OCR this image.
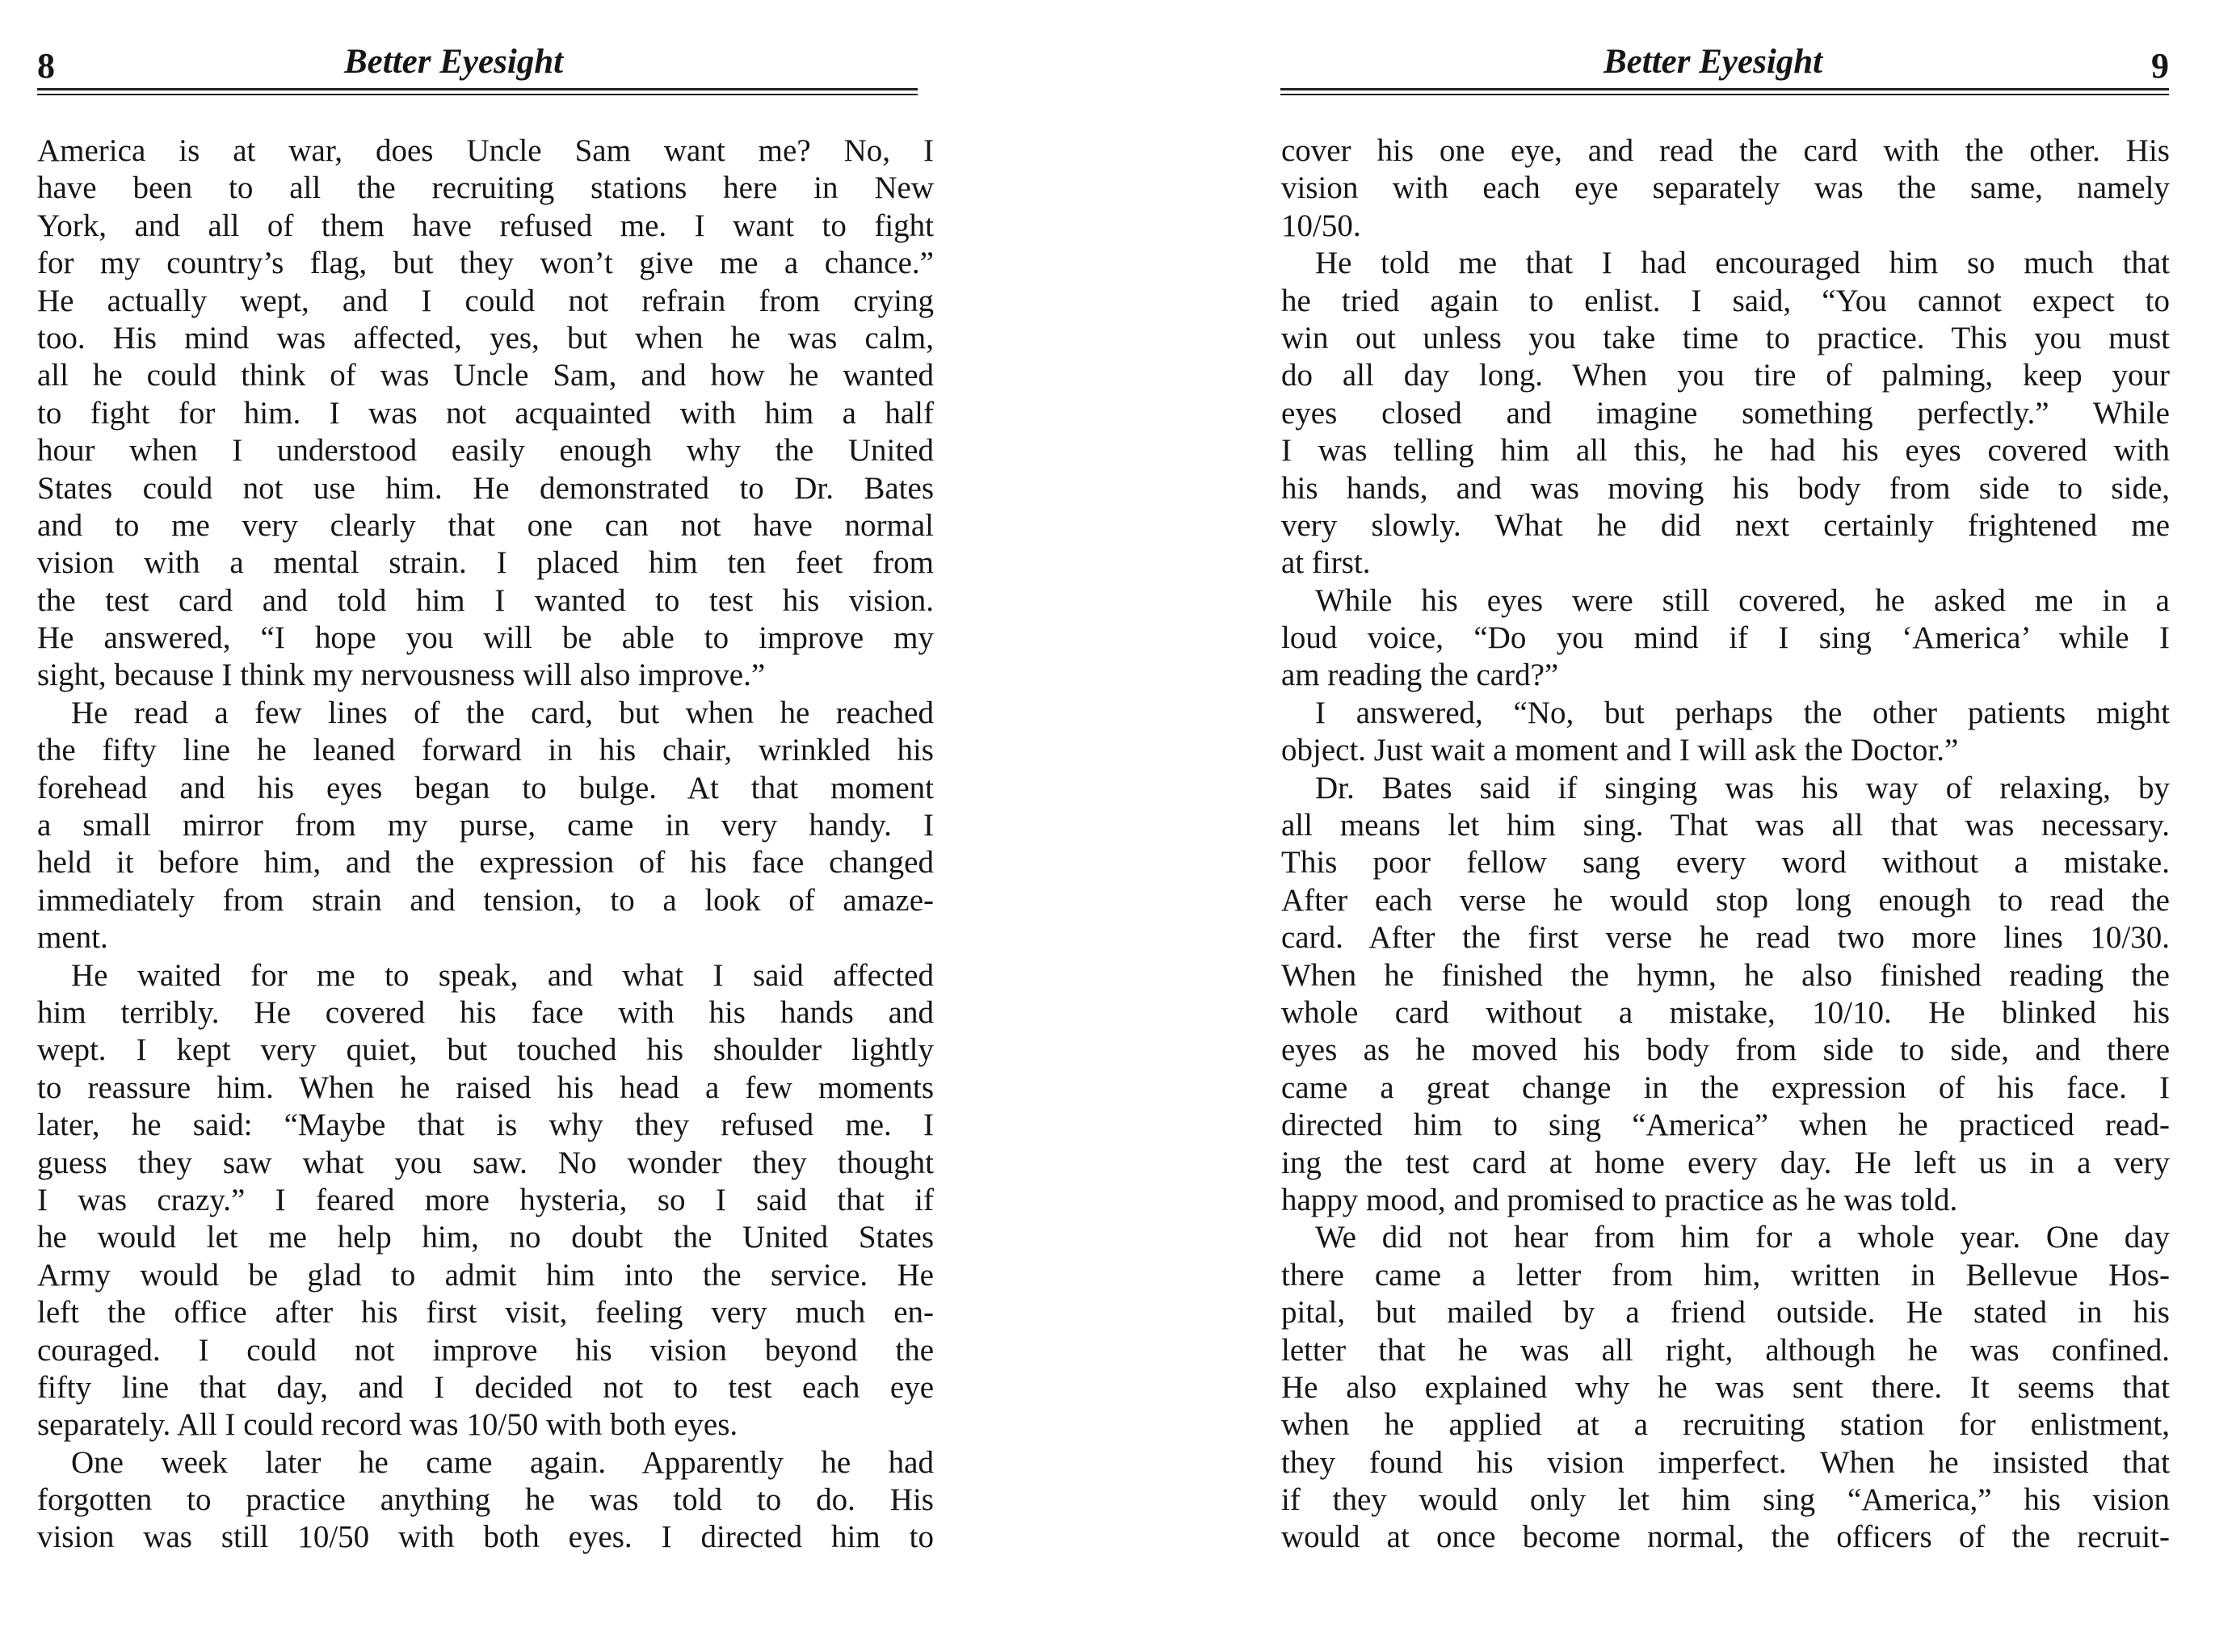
8	Better Eyesight
America is at war, does Uncle Sam want me? No, I
have been to all the recruiting stations here in New
York, and all of them have refused me. I want to fight
for my country’s flag, but they won’t give me a chance.”
He actually wept, and I could not refrain from crying
too. His mind was affected, yes, but when he was calm,
all he could think of was Uncle Sam, and how he wanted
to fight for him. I was not acquainted with him a half
hour when I understood easily enough why the United
States could not use him. He demonstrated to Dr. Bates
and to me very clearly that one can not have normal
vision with a mental strain. I placed him ten feet from
the test card and told him I wanted to test his vision.
He answered, “I hope you will be able to improve my
sight, because I think my nervousness will also improve.”
He read a few lines of the card, but when he reached
the fifty line he leaned forward in his chair, wrinkled his
forehead and his eyes began to bulge. At that moment
a small mirror from my purse, came in very handy. I
held it before him, and the expression of his face changed
immediately from strain and tension, to a look of amaze-
ment.
He waited for me to speak, and what I said affected
him terribly. He covered his face with his hands and
wept. I kept very quiet, but touched his shoulder lightly
to reassure him. When he raised his head a few moments
later, he said: “Maybe that is why they refused me. I
guess they saw what you saw. No wonder they thought
I was crazy.” I feared more hysteria, so I said that if
he would let me help him, no doubt the United States
Army would be glad to admit him into the service. He
left the office after his first visit, feeling very much en-
couraged. I could not improve his vision beyond the
fifty line that day, and I decided not to test each eye
separately. All I could record was 10/50 with both eyes.
One week later he came again. Apparently he had
forgotten to practice anything he was told to do. His
vision was still 10/50 with both eyes. I directed him to
Better Eyesight	9
cover his one eye, and read the card with the other. His
vision with each eye separately was the same, namely
10/50.
He told me that I had encouraged him so much that
he tried again to enlist. I said, “You cannot expect to
win out unless you take time to practice. This you must
do all day long. When you tire of palming, keep your
eyes closed and imagine something perfectly.” While
I was telling him all this, he had his eyes covered with
his hands, and was moving his body from side to side,
very slowly. What he did next certainly frightened me
at first.
While his eyes were still covered, he asked me in a
loud voice, “Do you mind if I sing ‘America’ while I
am reading the card?”
I answered, “No, but perhaps the other patients might
object. Just wait a moment and I will ask the Doctor.”
Dr. Bates said if singing was his way of relaxing, by
all means let him sing. That was all that was necessary.
This poor fellow sang every word without a mistake.
After each verse he would stop long enough to read the
card. After the first verse he read two more lines 10/30.
When he finished the hymn, he also finished reading the
whole card without a mistake, 10/10. He blinked his
eyes as he moved his body from side to side, and there
came a great change in the expression of his face. I
directed him to sing “America” when he practiced read-
ing the test card at home every day. He left us in a very
happy mood, and promised to practice as he was told.
We did not hear from him for a whole year. One day
there came a letter from him, written in Bellevue Hos-
pital, but mailed by a friend outside. He stated in his
letter that he was all right, although he was confined.
He also explained why he was sent there. It seems that
when he applied at a recruiting station for enlistment,
they found his vision imperfect. When he insisted that
if they would only let him sing “America,” his vision
would at once become normal, the officers of the recruit-
